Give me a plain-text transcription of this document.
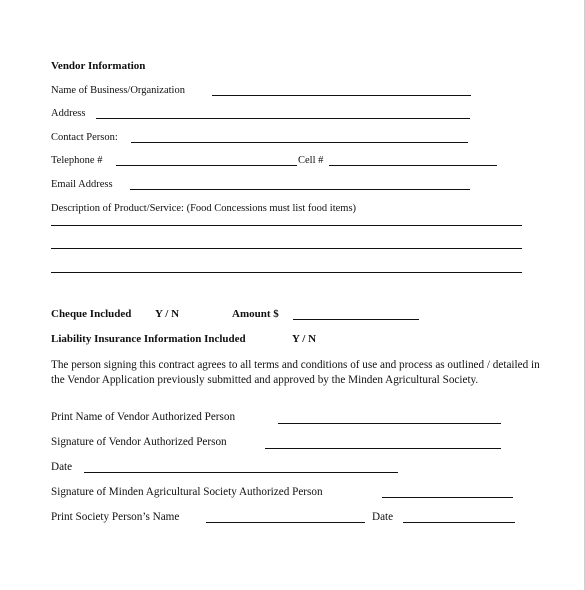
Vendor Information
Name of Business/Organization
Address
Contact Person:
Telephone #	Cell #
Email Address
Description of Product/Service: (Food Concessions must list food items)
Cheque Included Y / N	Amount $
Liability Insurance Information Included	Y / N
The person signing this contract agrees to all terms and conditions of use and process as outlined / detailed in the Vendor Application previously submitted and approved by the Minden Agricultural Society.
Print Name of Vendor Authorized Person
Signature of Vendor Authorized Person
Date
Signature of Minden Agricultural Society Authorized Person
Print Society Person’s Name	Date
